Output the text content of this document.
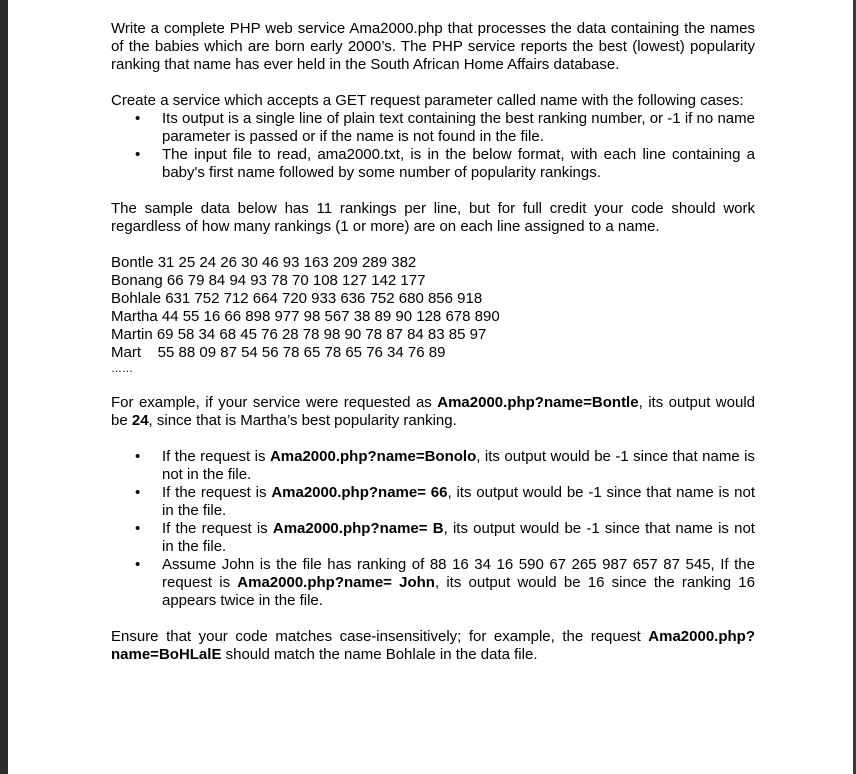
Write a complete PHP web service Ama2000.php that processes the data containing the names of the babies which are born early 2000’s. The PHP service reports the best (lowest) popularity ranking that name has ever held in the South African Home Affairs database.

Create a service which accepts a GET request parameter called name with the following cases:

• Its output is a single line of plain text containing the best ranking number, or -1 if no name parameter is passed or if the name is not found in the file.
• The input file to read, ama2000.txt, is in the below format, with each line containing a baby's first name followed by some number of popularity rankings.

The sample data below has 11 rankings per line, but for full credit your code should work regardless of how many rankings (1 or more) are on each line assigned to a name.

Bontle 31 25 24 26 30 46 93 163 209 289 382
Bonang 66 79 84 94 93 78 70 108 127 142 177
Bohlale 631 752 712 664 720 933 636 752 680 856 918
Martha 44 55 16 66 898 977 98 567 38 89 90 128 678 890
Martin 69 58 34 68 45 76 28 78 98 90 78 87 84 83 85 97
Mart    55 88 09 87 54 56 78 65 78 65 76 34 76 89
……

For example, if your service were requested as Ama2000.php?name=Bontle, its output would be 24, since that is Martha’s best popularity ranking.

• If the request is Ama2000.php?name=Bonolo, its output would be -1 since that name is not in the file.
• If the request is Ama2000.php?name= 66, its output would be -1 since that name is not in the file.
• If the request is Ama2000.php?name= B, its output would be -1 since that name is not in the file.
• Assume John is the file has ranking of 88 16 34 16 590 67 265 987 657 87 545, If the request is Ama2000.php?name= John, its output would be 16 since the ranking 16 appears twice in the file.

Ensure that your code matches case-insensitively; for example, the request Ama2000.php?name=BoHLalE should match the name Bohlale in the data file.
